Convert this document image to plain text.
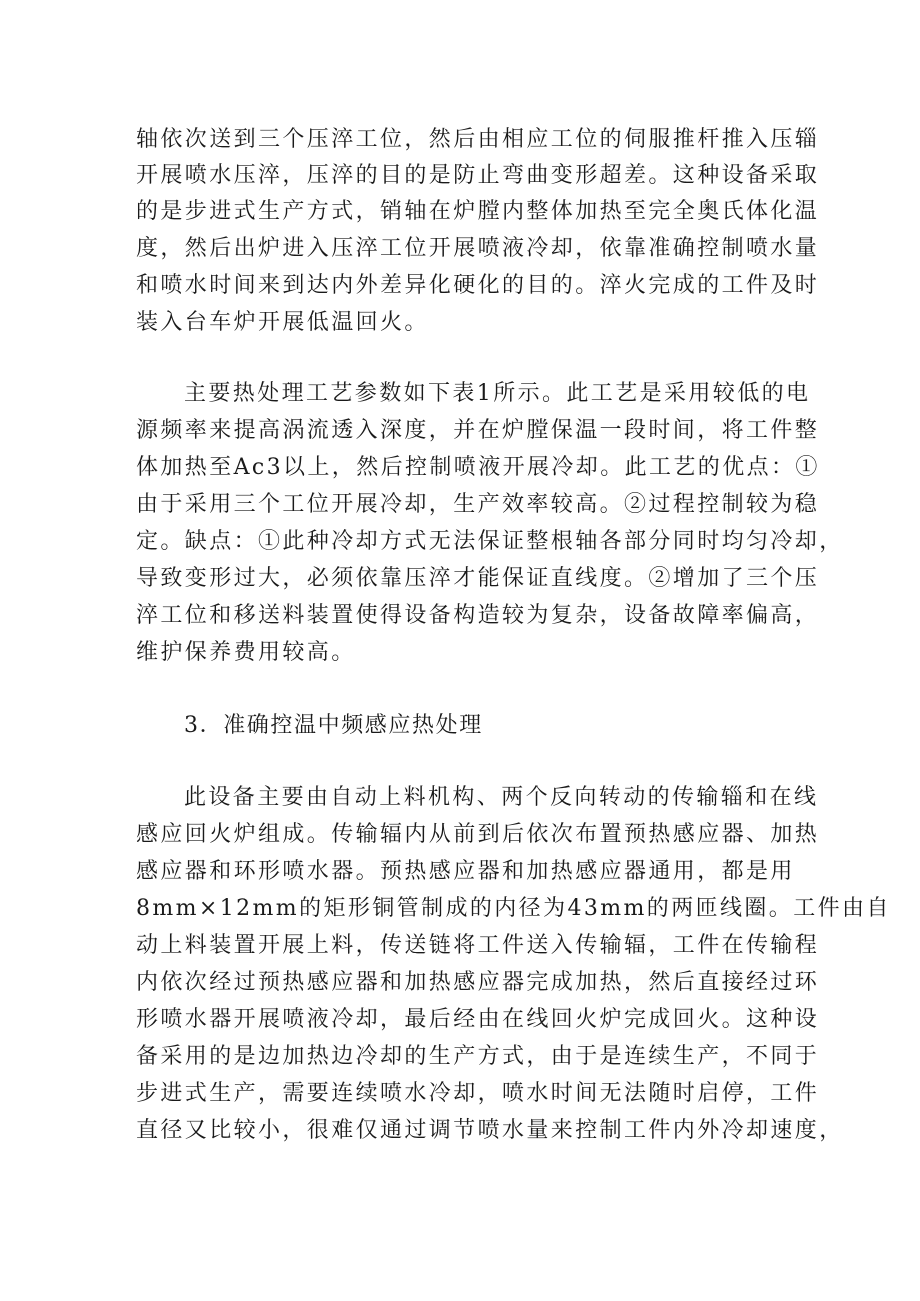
轴依次送到三个压淬工位，然后由相应工位的伺服推杆推入压辎

开展喷水压淬，压淬的目的是防止弯曲变形超差。这种设备采取

的是步进式生产方式，销轴在炉膛内整体加热至完全奥氏体化温

度，然后出炉进入压淬工位开展喷液冷却，依靠准确控制喷水量

和喷水时间来到达内外差异化硬化的目的。淬火完成的工件及时

装入台车炉开展低温回火。

主要热处理工艺参数如下表1所示。此工艺是采用较低的电

源频率来提高涡流透入深度，并在炉膛保温一段时间，将工件整

体加热至Ac3以上，然后控制喷液开展冷却。此工艺的优点：①

由于采用三个工位开展冷却，生产效率较高。②过程控制较为稳

定。缺点：①此种冷却方式无法保证整根轴各部分同时均匀冷却，

导致变形过大，必须依靠压淬才能保证直线度。②增加了三个压

淬工位和移送料装置使得设备构造较为复杂，设备故障率偏高，

维护保养费用较高。

3．准确控温中频感应热处理

此设备主要由自动上料机构、两个反向转动的传输辎和在线

感应回火炉组成。传输辐内从前到后依次布置预热感应器、加热

感应器和环形喷水器。预热感应器和加热感应器通用，都是用

8mm×12mm的矩形铜管制成的内径为43mm的两匝线圈。工件由自

动上料装置开展上料，传送链将工件送入传输辐，工件在传输程

内依次经过预热感应器和加热感应器完成加热，然后直接经过环

形喷水器开展喷液冷却，最后经由在线回火炉完成回火。这种设

备采用的是边加热边冷却的生产方式，由于是连续生产，不同于

步进式生产，需要连续喷水冷却，喷水时间无法随时启停，工件

直径又比较小，很难仅通过调节喷水量来控制工件内外冷却速度，
